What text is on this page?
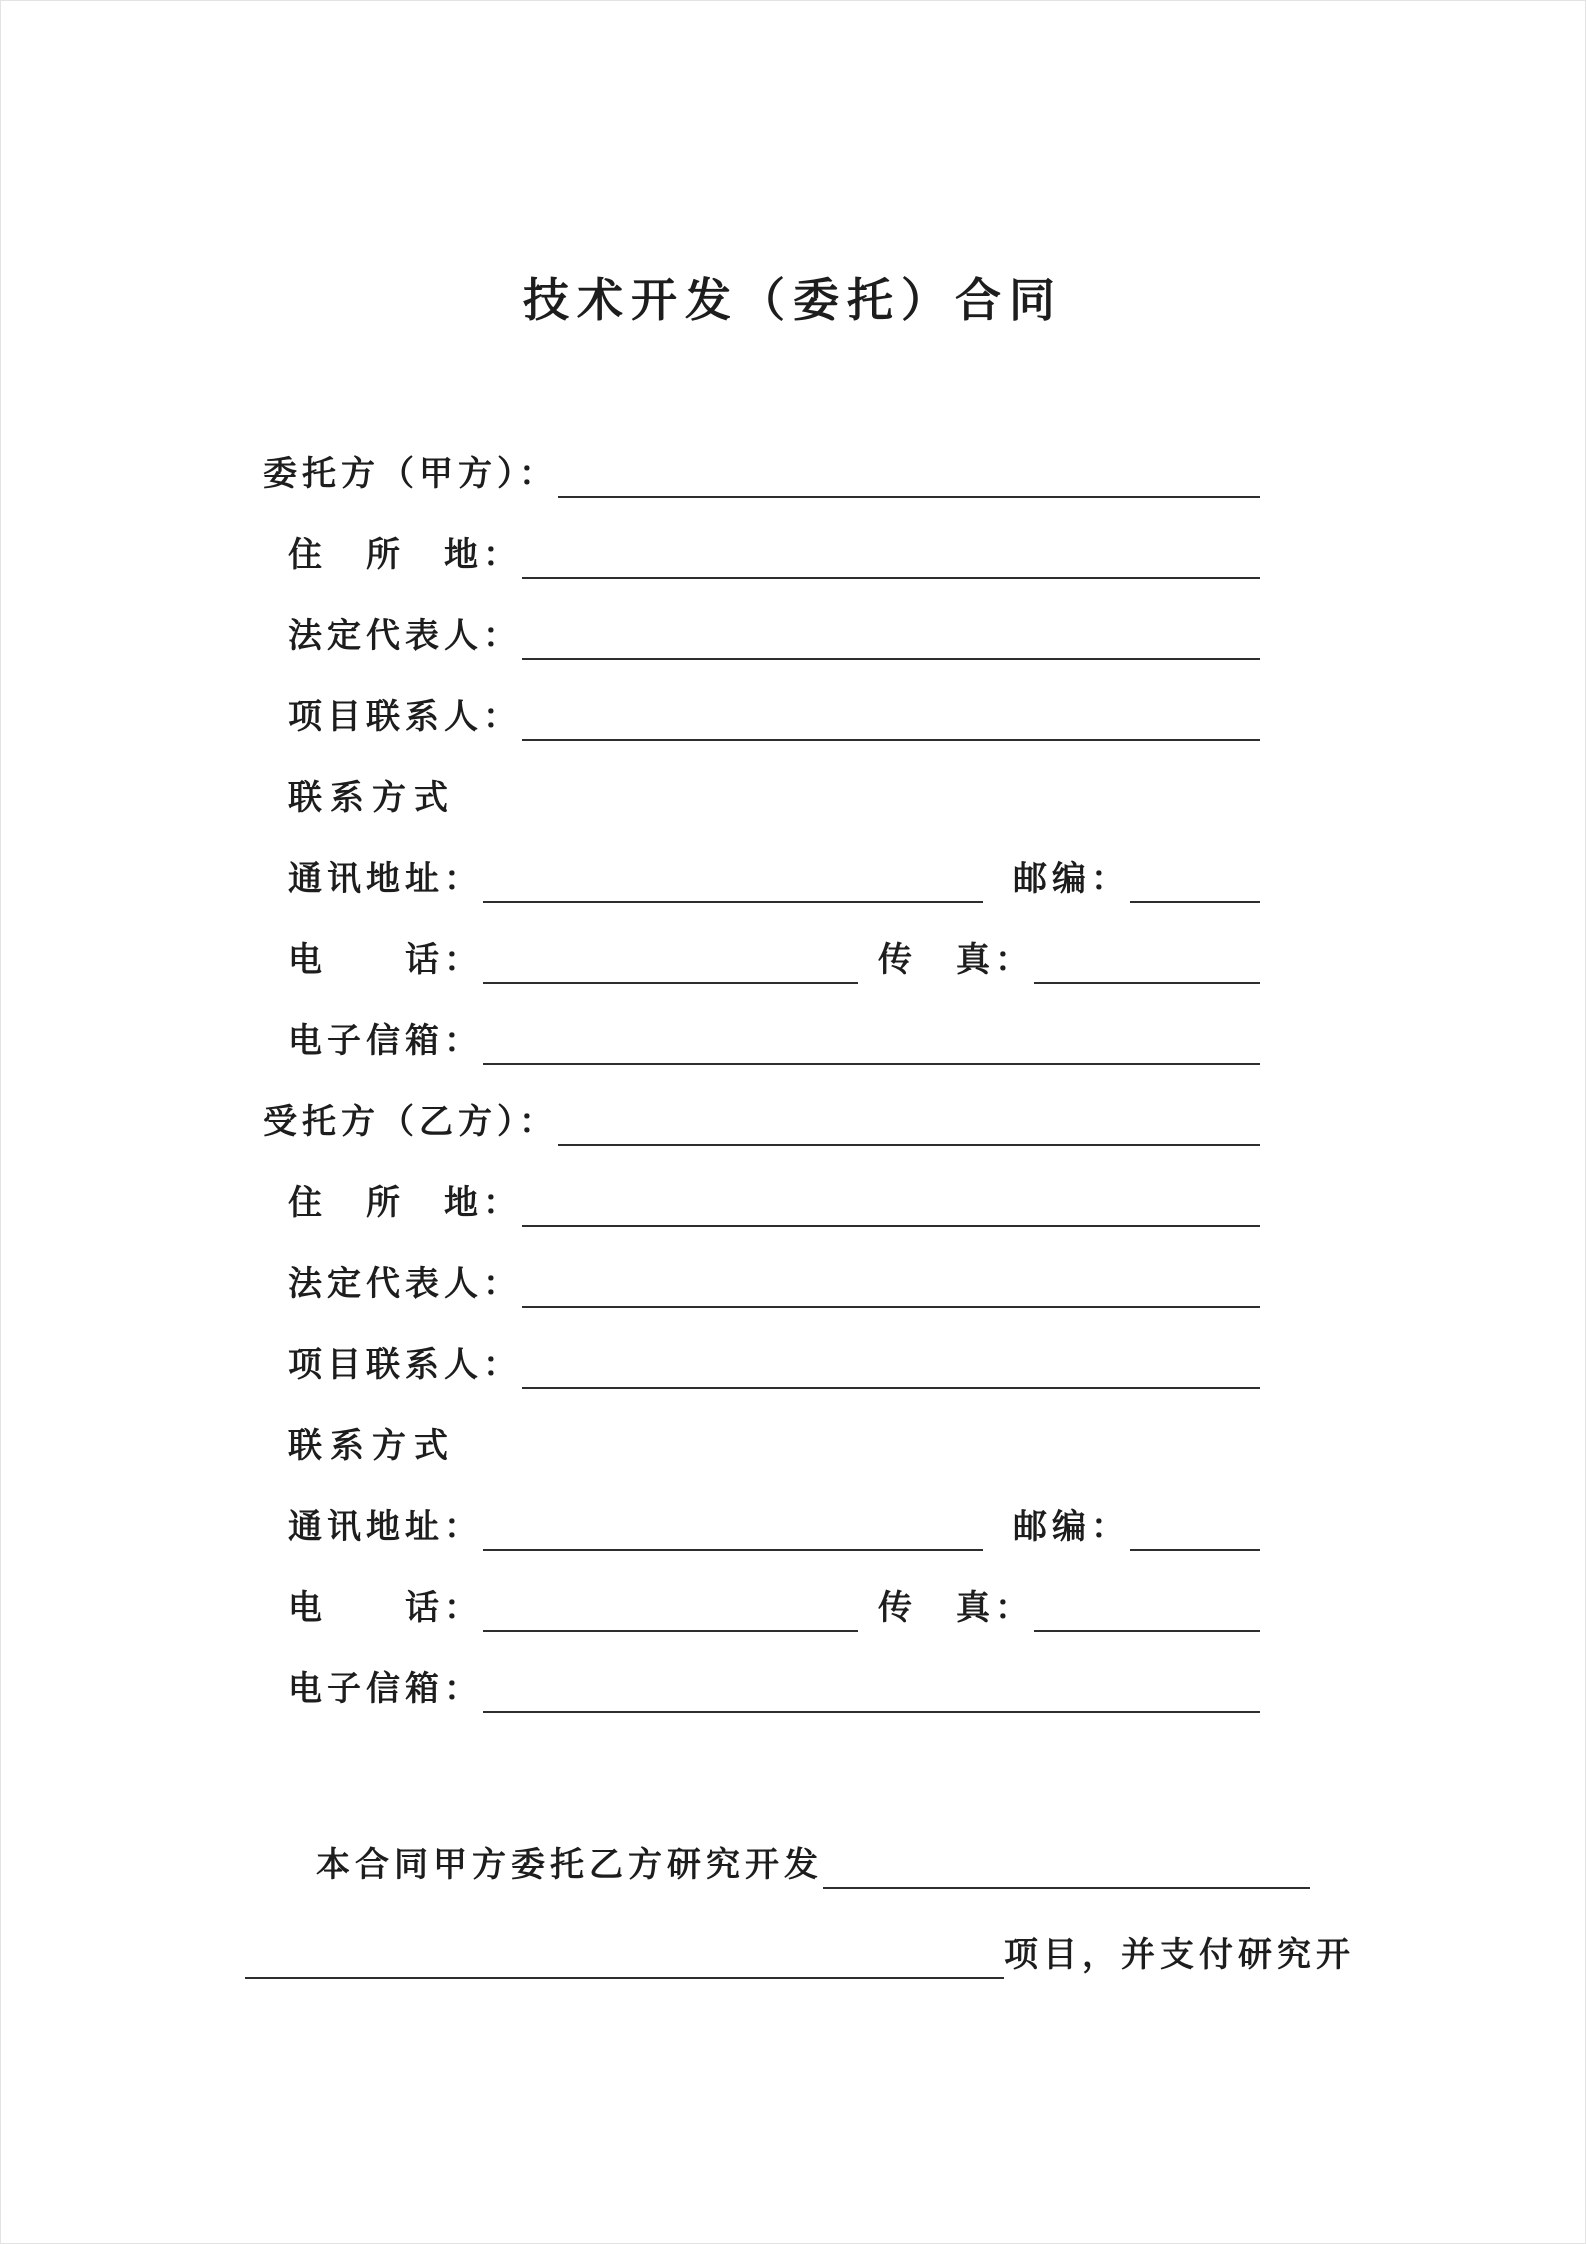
技术开发（委托）合同
委托方（甲方）：
住　所　地：
法定代表人：
项目联系人：
联系方式
通讯地址：	邮编：
电　　话：	传　真：
电子信箱：
受托方（乙方）：
住　所　地：
法定代表人：
项目联系人：
联系方式
通讯地址：	邮编：
电　　话：	传　真：
电子信箱：
本合同甲方委托乙方研究开发
项目，并支付研究开
